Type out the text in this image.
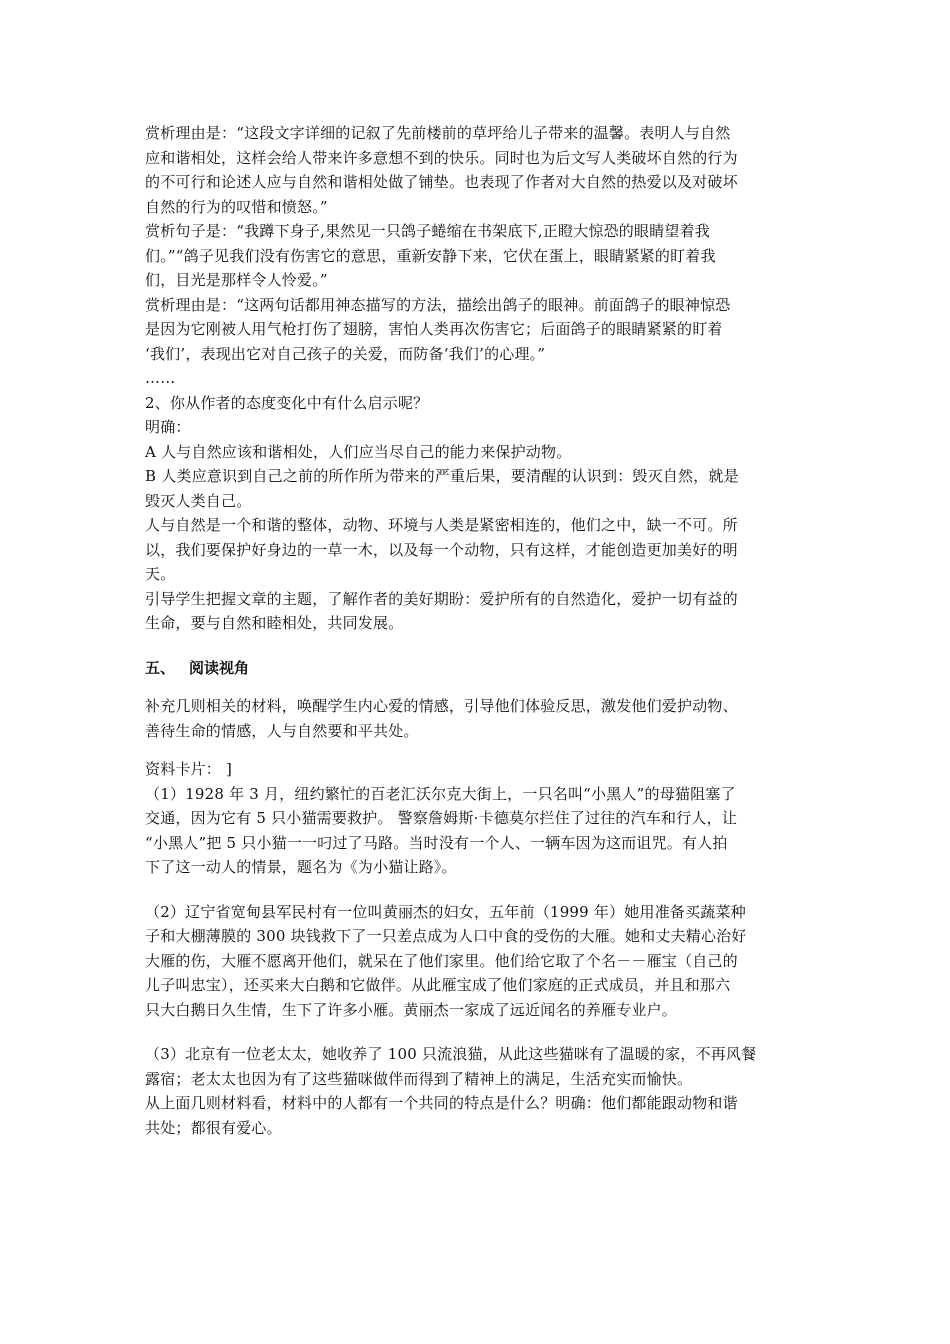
赏析理由是：“这段文字详细的记叙了先前楼前的草坪给儿子带来的温馨。表明人与自然
应和谐相处，这样会给人带来许多意想不到的快乐。同时也为后文写人类破坏自然的行为
的不可行和论述人应与自然和谐相处做了铺垫。也表现了作者对大自然的热爱以及对破坏
自然的行为的叹惜和愤怒。”
赏析句子是：“我蹲下身子,果然见一只鸽子蜷缩在书架底下,正瞪大惊恐的眼睛望着我
们。”“鸽子见我们没有伤害它的意思，重新安静下来，它伏在蛋上，眼睛紧紧的盯着我
们，目光是那样令人怜爱。”
赏析理由是：“这两句话都用神态描写的方法，描绘出鸽子的眼神。前面鸽子的眼神惊恐
是因为它刚被人用气枪打伤了翅膀，害怕人类再次伤害它；后面鸽子的眼睛紧紧的盯着
‘我们’，表现出它对自己孩子的关爱，而防备‘我们’的心理。”
……
2、你从作者的态度变化中有什么启示呢？
明确：
A 人与自然应该和谐相处，人们应当尽自己的能力来保护动物。
B 人类应意识到自己之前的所作所为带来的严重后果，要清醒的认识到：毁灭自然，就是
毁灭人类自己。
人与自然是一个和谐的整体，动物、环境与人类是紧密相连的，他们之中，缺一不可。所
以，我们要保护好身边的一草一木，以及每一个动物，只有这样，才能创造更加美好的明
天。
引导学生把握文章的主题，了解作者的美好期盼：爱护所有的自然造化，爱护一切有益的
生命，要与自然和睦相处，共同发展。
五、 阅读视角
补充几则相关的材料，唤醒学生内心爱的情感，引导他们体验反思，激发他们爱护动物、
善待生命的情感，人与自然要和平共处。
资料卡片： ]
（1）1928 年 3 月，纽约繁忙的百老汇沃尔克大街上，一只名叫“小黑人”的母猫阻塞了
交通，因为它有 5 只小猫需要救护。 警察詹姆斯·卡德莫尔拦住了过往的汽车和行人，让
“小黑人”把 5 只小猫一一叼过了马路。当时没有一个人、一辆车因为这而诅咒。有人拍
下了这一动人的情景，题名为《为小猫让路》。
（2）辽宁省宽甸县军民村有一位叫黄丽杰的妇女，五年前（1999 年）她用准备买蔬菜种
子和大棚薄膜的 300 块钱救下了一只差点成为人口中食的受伤的大雁。她和丈夫精心治好
大雁的伤，大雁不愿离开他们，就呆在了他们家里。他们给它取了个名－－雁宝（自己的
儿子叫忠宝），还买来大白鹅和它做伴。从此雁宝成了他们家庭的正式成员，并且和那六
只大白鹅日久生情，生下了许多小雁。黄丽杰一家成了远近闻名的养雁专业户。
（3）北京有一位老太太，她收养了 100 只流浪猫，从此这些猫咪有了温暖的家，不再风餐
露宿；老太太也因为有了这些猫咪做伴而得到了精神上的满足，生活充实而愉快。
从上面几则材料看，材料中的人都有一个共同的特点是什么？明确：他们都能跟动物和谐
共处；都很有爱心。
